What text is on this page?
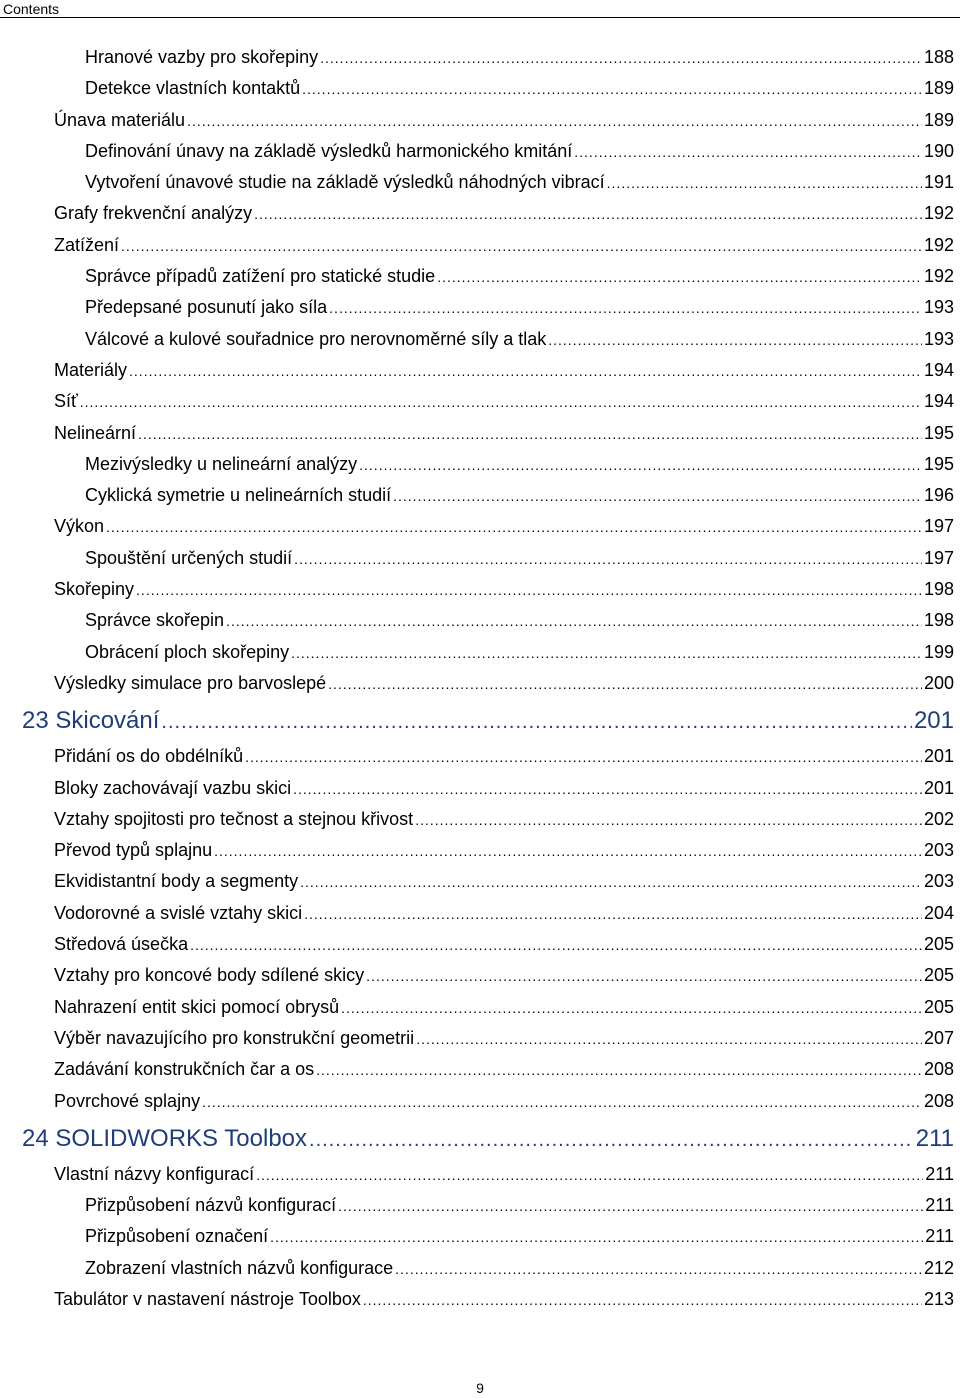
Contents
Hranové vazby pro skořepiny .....	188
Detekce vlastních kontaktů .....	189
Únava materiálu .....	189
Definování únavy na základě výsledků harmonického kmitání .....	190
Vytvoření únavové studie na základě výsledků náhodných vibrací .....	191
Grafy frekvenční analýzy .....	192
Zatížení .....	192
Správce případů zatížení pro statické studie .....	192
Předepsané posunutí jako síla .....	193
Válcové a kulové souřadnice pro nerovnoměrné síly a tlak .....	193
Materiály .....	194
Síť .....	194
Nelineární .....	195
Mezivýsledky u nelineární analýzy .....	195
Cyklická symetrie u nelineárních studií .....	196
Výkon .....	197
Spouštění určených studií .....	197
Skořepiny .....	198
Správce skořepin .....	198
Obrácení ploch skořepiny .....	199
Výsledky simulace pro barvoslepé .....	200
23 Skicování .....	201
Přidání os do obdélníků .....	201
Bloky zachovávají vazbu skici .....	201
Vztahy spojitosti pro tečnost a stejnou křivost .....	202
Převod typů splajnu .....	203
Ekvidistantní body a segmenty .....	203
Vodorovné a svislé vztahy skici .....	204
Středová úsečka .....	205
Vztahy pro koncové body sdílené skicy .....	205
Nahrazení entit skici pomocí obrysů .....	205
Výběr navazujícího pro konstrukční geometrii .....	207
Zadávání konstrukčních čar a os .....	208
Povrchové splajny .....	208
24 SOLIDWORKS Toolbox .....	211
Vlastní názvy konfigurací .....	211
Přizpůsobení názvů konfigurací .....	211
Přizpůsobení označení .....	211
Zobrazení vlastních názvů konfigurace .....	212
Tabulátor v nastavení nástroje Toolbox .....	213
9
